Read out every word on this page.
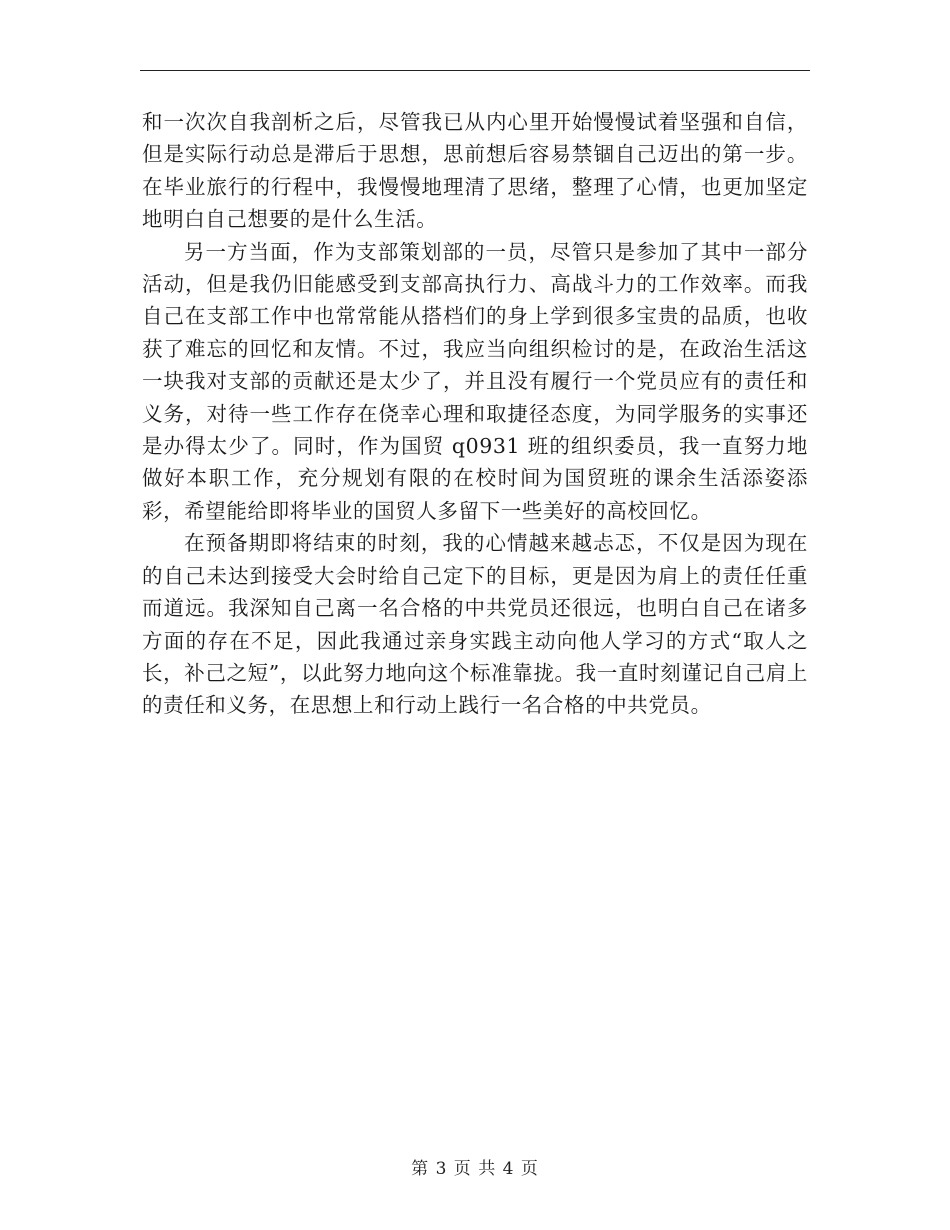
和一次次自我剖析之后，尽管我已从内心里开始慢慢试着坚强和自信，但是实际行动总是滞后于思想，思前想后容易禁锢自己迈出的第一步。在毕业旅行的行程中，我慢慢地理清了思绪，整理了心情，也更加坚定地明白自己想要的是什么生活。

另一方当面，作为支部策划部的一员，尽管只是参加了其中一部分活动，但是我仍旧能感受到支部高执行力、高战斗力的工作效率。而我自己在支部工作中也常常能从搭档们的身上学到很多宝贵的品质，也收获了难忘的回忆和友情。不过，我应当向组织检讨的是，在政治生活这一块我对支部的贡献还是太少了，并且没有履行一个党员应有的责任和义务，对待一些工作存在侥幸心理和取捷径态度，为同学服务的实事还是办得太少了。同时，作为国贸 q0931 班的组织委员，我一直努力地做好本职工作，充分规划有限的在校时间为国贸班的课余生活添姿添彩，希望能给即将毕业的国贸人多留下一些美好的高校回忆。

在预备期即将结束的时刻，我的心情越来越忐忑，不仅是因为现在的自己未达到接受大会时给自己定下的目标，更是因为肩上的责任任重而道远。我深知自己离一名合格的中共党员还很远，也明白自己在诸多方面的存在不足，因此我通过亲身实践主动向他人学习的方式“取人之长，补己之短”，以此努力地向这个标准靠拢。我一直时刻谨记自己肩上的责任和义务，在思想上和行动上践行一名合格的中共党员。

第 3 页 共 4 页
